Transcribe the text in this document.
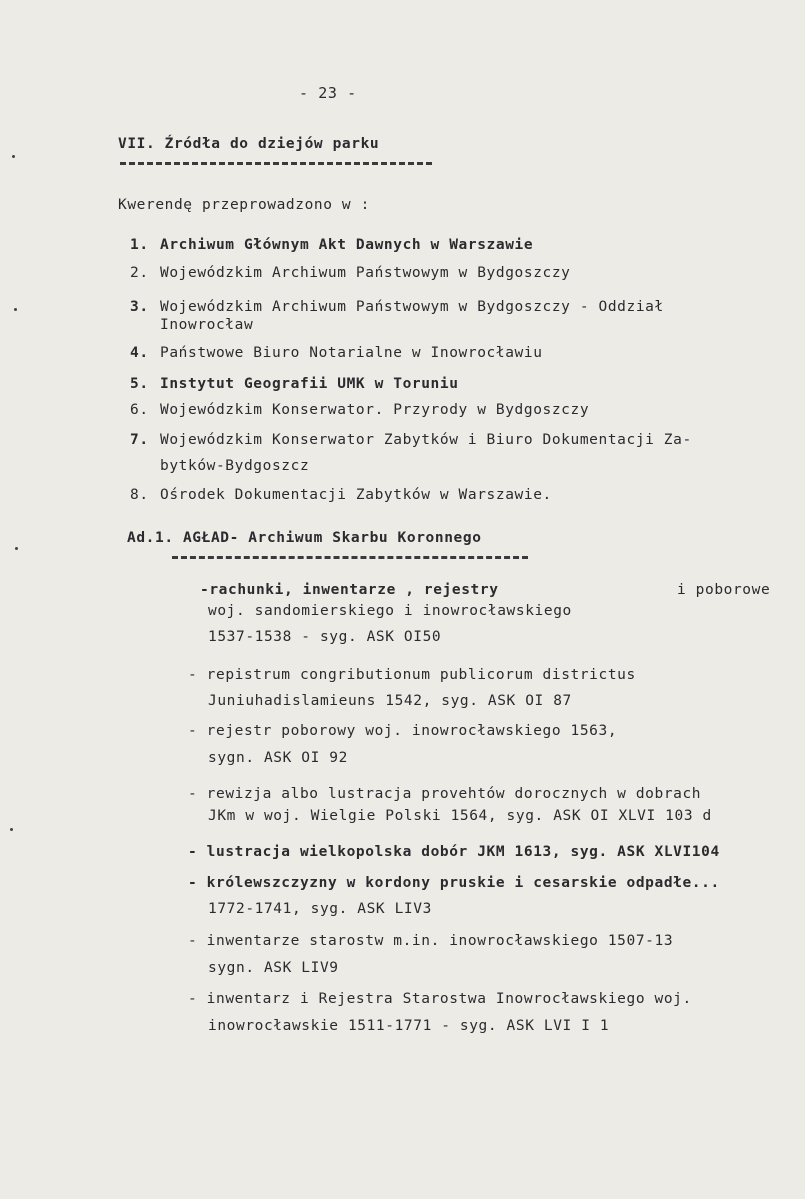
- 23 -
VII. Źródła do dziejów parku
Kwerendę przeprowadzono w :
1. Archiwum Głównym Akt Dawnych w Warszawie
2. Wojewódzkim Archiwum Państwowym w Bydgoszczy
3. Wojewódzkim Archiwum Państwowym w Bydgoszczy - Oddział
Inowrocław
4. Państwowe Biuro Notarialne w Inowrocławiu
5. Instytut Geografii UMK w Toruniu
6. Wojewódzkim Konserwator. Przyrody w Bydgoszczy
7. Wojewódzkim Konserwator Zabytków i Biuro Dokumentacji Za-
bytków-Bydgoszcz
8. Ośrodek Dokumentacji Zabytków w Warszawie.
Ad.1. AGŁAD- Archiwum Skarbu Koronnego
-rachunki, inwentarze , rejestry	i poborowe
woj. sandomierskiego i inowrocławskiego
1537-1538 - syg. ASK OI50
- repistrum congributionum publicorum districtus
Juniuhadislamieuns 1542, syg. ASK OI 87
- rejestr poborowy woj. inowrocławskiego 1563,
sygn. ASK OI 92
- rewizja albo lustracja provehtów dorocznych w dobrach
JKm w woj. Wielgie Polski 1564, syg. ASK OI XLVI 103 d
- lustracja wielkopolska dobór JKM 1613, syg. ASK XLVI104
- królewszczyzny w kordony pruskie i cesarskie odpadłe...
1772-1741, syg. ASK LIV3
- inwentarze starostw m.in. inowrocławskiego 1507-13
sygn. ASK LIV9
- inwentarz i Rejestra Starostwa Inowrocławskiego woj.
inowrocławskie 1511-1771 - syg. ASK LVI I 1
